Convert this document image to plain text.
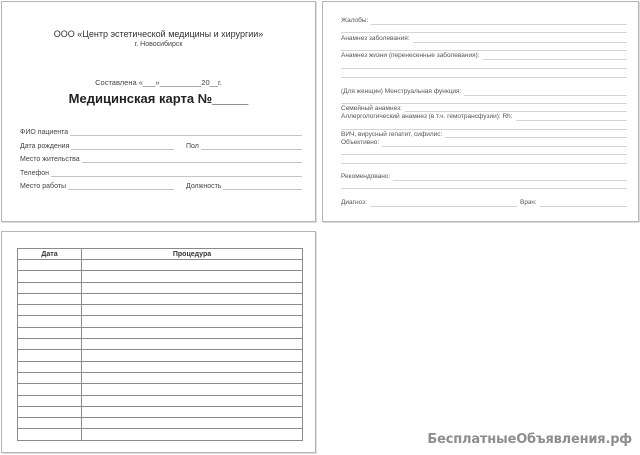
ООО «Центр эстетической медицины и хирургии»
г. Новосибирск
Составлена «___»__________20__г.
Медицинская карта №_____
ФИО пациента
Дата рождения	Пол
Место жительства
Телефон
Место работы	Должность
Жалобы:
Анамнез заболевания:
Анамнез жизни (перенесенные заболевания):
(Для женщин) Менструальная функция:
Семейный анамнез:
Аллергологический анамнез (в т.ч. гемотрансфузии): Rh:
ВИЧ, вирусный гепатит, сифилис:
Объективно:
Рекомендовано:
Диагноз:	Врач:
Дата	Процедура

БесплатныеОбъявления.рф
